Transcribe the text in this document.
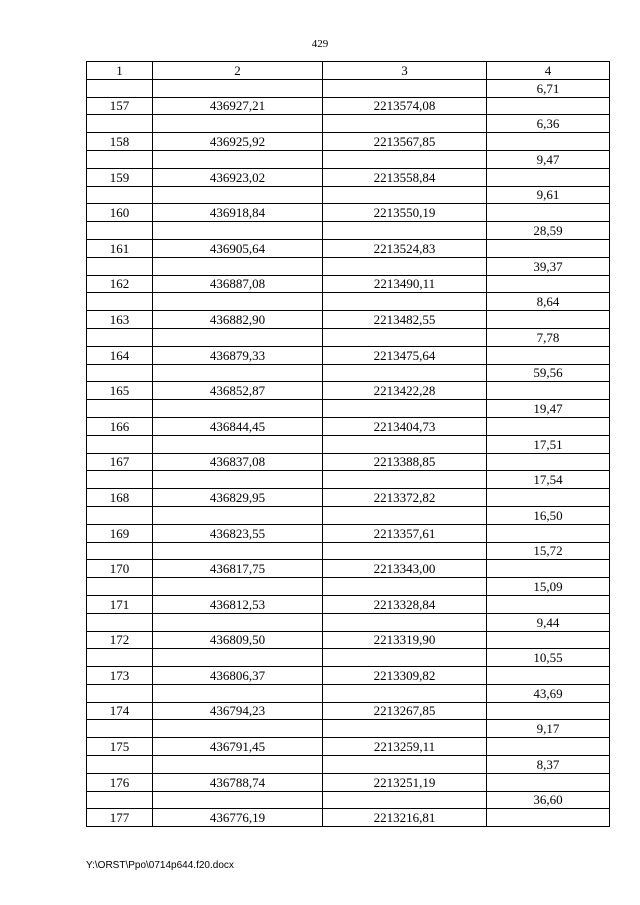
429
1	2	3	4
			6,71
157	436927,21	2213574,08	
			6,36
158	436925,92	2213567,85	
			9,47
159	436923,02	2213558,84	
			9,61
160	436918,84	2213550,19	
			28,59
161	436905,64	2213524,83	
			39,37
162	436887,08	2213490,11	
			8,64
163	436882,90	2213482,55	
			7,78
164	436879,33	2213475,64	
			59,56
165	436852,87	2213422,28	
			19,47
166	436844,45	2213404,73	
			17,51
167	436837,08	2213388,85	
			17,54
168	436829,95	2213372,82	
			16,50
169	436823,55	2213357,61	
			15,72
170	436817,75	2213343,00	
			15,09
171	436812,53	2213328,84	
			9,44
172	436809,50	2213319,90	
			10,55
173	436806,37	2213309,82	
			43,69
174	436794,23	2213267,85	
			9,17
175	436791,45	2213259,11	
			8,37
176	436788,74	2213251,19	
			36,60
177	436776,19	2213216,81	
Y:\ORST\Ppo\0714p644.f20.docx
